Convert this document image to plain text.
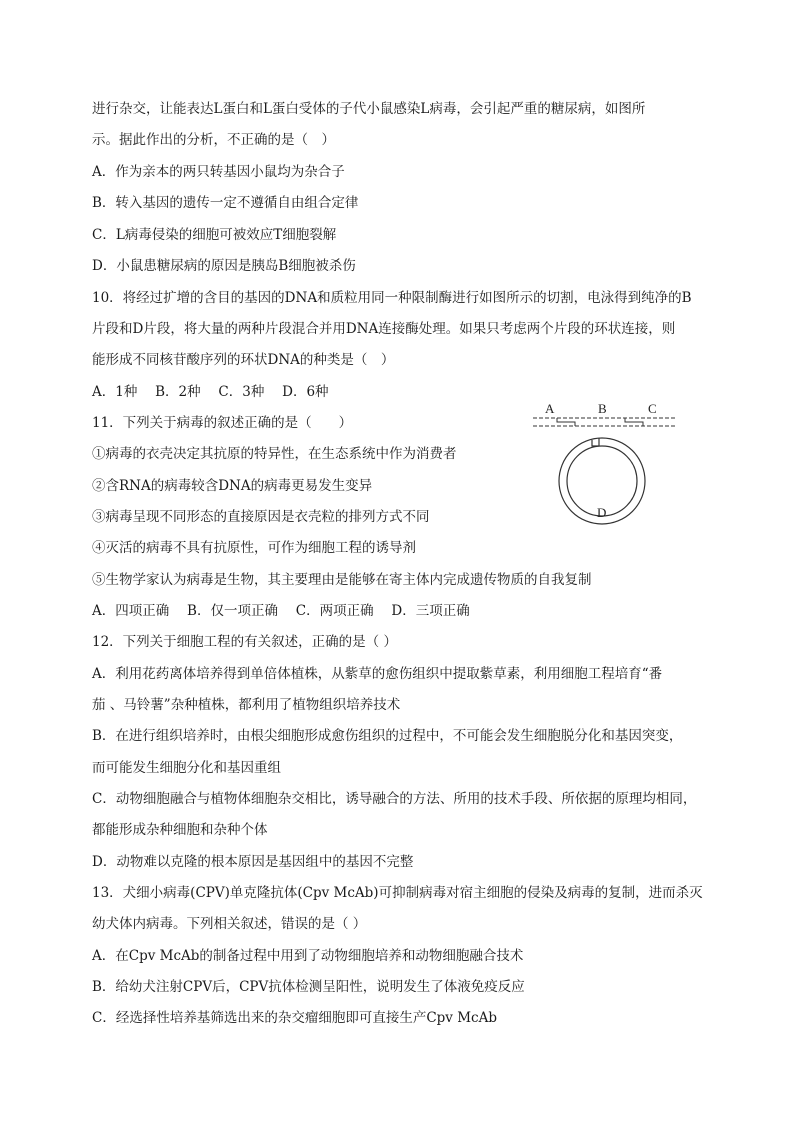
进行杂交，让能表达L蛋白和L蛋白受体的子代小鼠感染L病毒，会引起严重的糖尿病，如图所
示。据此作出的分析，不正确的是（　）
A．作为亲本的两只转基因小鼠均为杂合子
B．转入基因的遗传一定不遵循自由组合定律
C．L病毒侵染的细胞可被效应T细胞裂解
D．小鼠患糖尿病的原因是胰岛B细胞被杀伤
10．将经过扩增的含目的基因的DNA和质粒用同一种限制酶进行如图所示的切割，电泳得到纯净的B
片段和D片段，将大量的两种片段混合并用DNA连接酶处理。如果只考虑两个片段的环状连接，则
能形成不同核苷酸序列的环状DNA的种类是（　）
A．1种　 B．2种　 C．3种　 D．6种
11．下列关于病毒的叙述正确的是（　　）
①病毒的衣壳决定其抗原的特异性，在生态系统中作为消费者
②含RNA的病毒较含DNA的病毒更易发生变异
③病毒呈现不同形态的直接原因是衣壳粒的排列方式不同
④灭活的病毒不具有抗原性，可作为细胞工程的诱导剂
⑤生物学家认为病毒是生物，其主要理由是能够在寄主体内完成遗传物质的自我复制
A．四项正确　 B．仅一项正确　 C．两项正确　 D．三项正确
12．下列关于细胞工程的有关叙述，正确的是（ ）
A．利用花药离体培养得到单倍体植株，从紫草的愈伤组织中提取紫草素，利用细胞工程培育“番
茄 、马铃薯”杂种植株，都利用了植物组织培养技术
B．在进行组织培养时，由根尖细胞形成愈伤组织的过程中，不可能会发生细胞脱分化和基因突变，
而可能发生细胞分化和基因重组
C．动物细胞融合与植物体细胞杂交相比，诱导融合的方法、所用的技术手段、所依据的原理均相同，
都能形成杂种细胞和杂种个体
D．动物难以克隆的根本原因是基因组中的基因不完整
13．犬细小病毒(CPV)单克隆抗体(Cpv McAb)可抑制病毒对宿主细胞的侵染及病毒的复制，进而杀灭
幼犬体内病毒。下列相关叙述，错误的是（ ）
A．在Cpv McAb的制备过程中用到了动物细胞培养和动物细胞融合技术
B．给幼犬注射CPV后，CPV抗体检测呈阳性，说明发生了体液免疫反应
C．经选择性培养基筛选出来的杂交瘤细胞即可直接生产Cpv McAb
A	B	C
D
